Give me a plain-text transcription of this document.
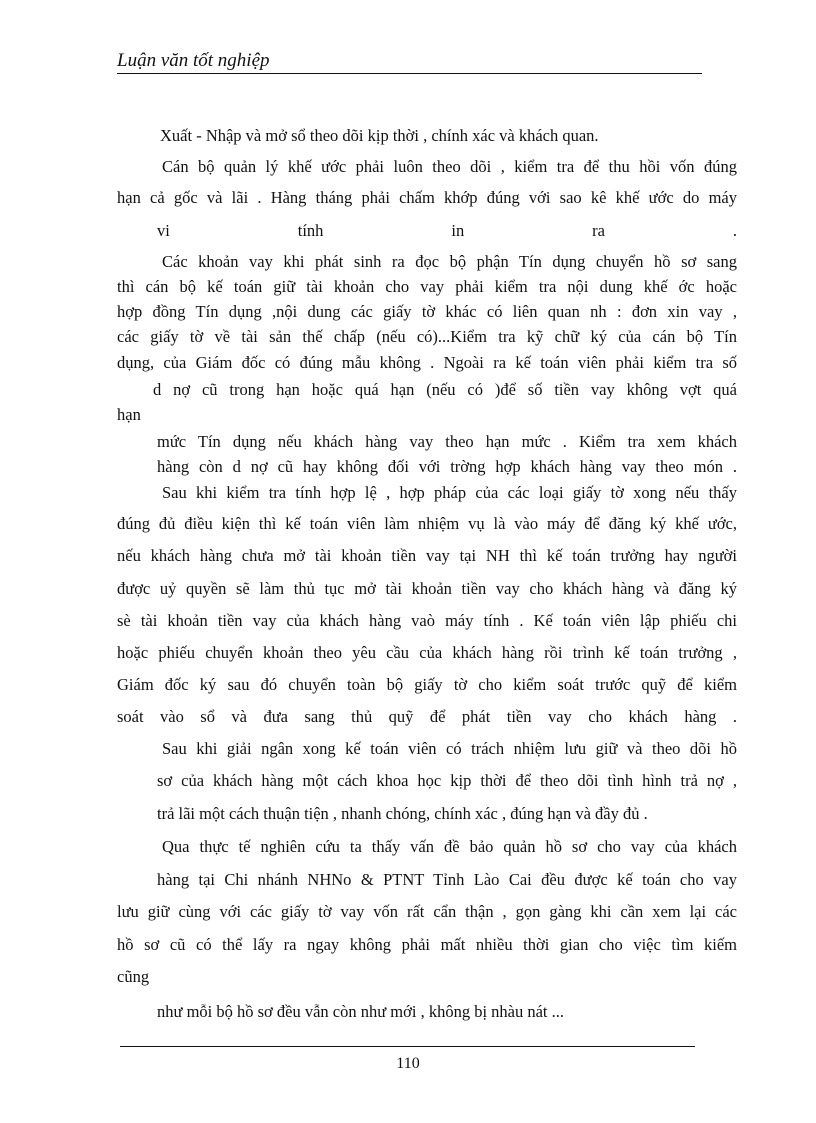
Luận văn tốt nghiệp
Xuất - Nhập và mở sổ theo dõi kịp thời , chính xác và khách quan.
Cán bộ quản lý khế ước phải luôn theo dõi , kiểm tra để thu hồi vốn đúng
hạn cả gốc và lãi . Hàng tháng phải chấm khớp đúng với sao kê khế ước do máy
vi tính in ra .
Các khoản vay khi phát sinh ra đọc bộ phận Tín dụng chuyển hồ sơ sang
thì cán bộ kế toán giữ tài khoản cho vay phải kiểm tra nội dung khế ớc hoặc
hợp đồng Tín dụng ,nội dung các giấy tờ khác có liên quan nh : đơn xin vay ,
các giấy tờ về tài sản thế chấp (nếu có)...Kiểm tra kỹ chữ ký của cán bộ Tín
dụng, của Giám đốc có đúng mẫu không . Ngoài ra kế toán viên phải kiểm tra số
d nợ cũ trong hạn hoặc quá hạn (nếu có )để số tiền vay không vợt quá
hạn
mức Tín dụng nếu khách hàng vay theo hạn mức . Kiểm tra xem khách
hàng còn d nợ cũ hay không đối với trờng hợp khách hàng vay theo món .
Sau khi kiểm tra tính hợp lệ , hợp pháp của các loại giấy tờ xong nếu thấy
đúng đủ điều kiện thì kế toán viên làm nhiệm vụ là vào máy để đăng ký khế ước,
nếu khách hàng chưa mở tài khoản tiền vay tại NH thì kế toán trưởng hay người
được uỷ quyền sẽ làm thủ tục mở tài khoản tiền vay cho khách hàng và đăng ký
sè tài khoản tiền vay của khách hàng vaò máy tính . Kế toán viên lập phiếu chi
hoặc phiếu chuyển khoản theo yêu cầu của khách hàng rồi trình kế toán trưởng ,
Giám đốc ký sau đó chuyển toàn bộ giấy tờ cho kiểm soát trước quỹ để kiểm
soát vào sổ và đưa sang thủ quỹ để phát tiền vay cho khách hàng .
Sau khi giải ngân xong kế toán viên có trách nhiệm lưu giữ và theo dõi hồ
sơ của khách hàng một cách khoa học kịp thời để theo dõi tình hình trả nợ ,
trả lãi một cách thuận tiện , nhanh chóng, chính xác , đúng hạn và đầy đủ .
Qua thực tế nghiên cứu ta thấy vấn đề bảo quản hồ sơ cho vay của khách
hàng tại Chi nhánh NHNo & PTNT Tỉnh Lào Cai đều được kế toán cho vay
lưu giữ cùng với các giấy tờ vay vốn rất cẩn thận , gọn gàng khi cần xem lại các
hồ sơ cũ có thể lấy ra ngay không phải mất nhiều thời gian cho việc tìm kiếm
cũng
như mỗi bộ hồ sơ đều vẫn còn như mới , không bị nhàu nát ...
110
